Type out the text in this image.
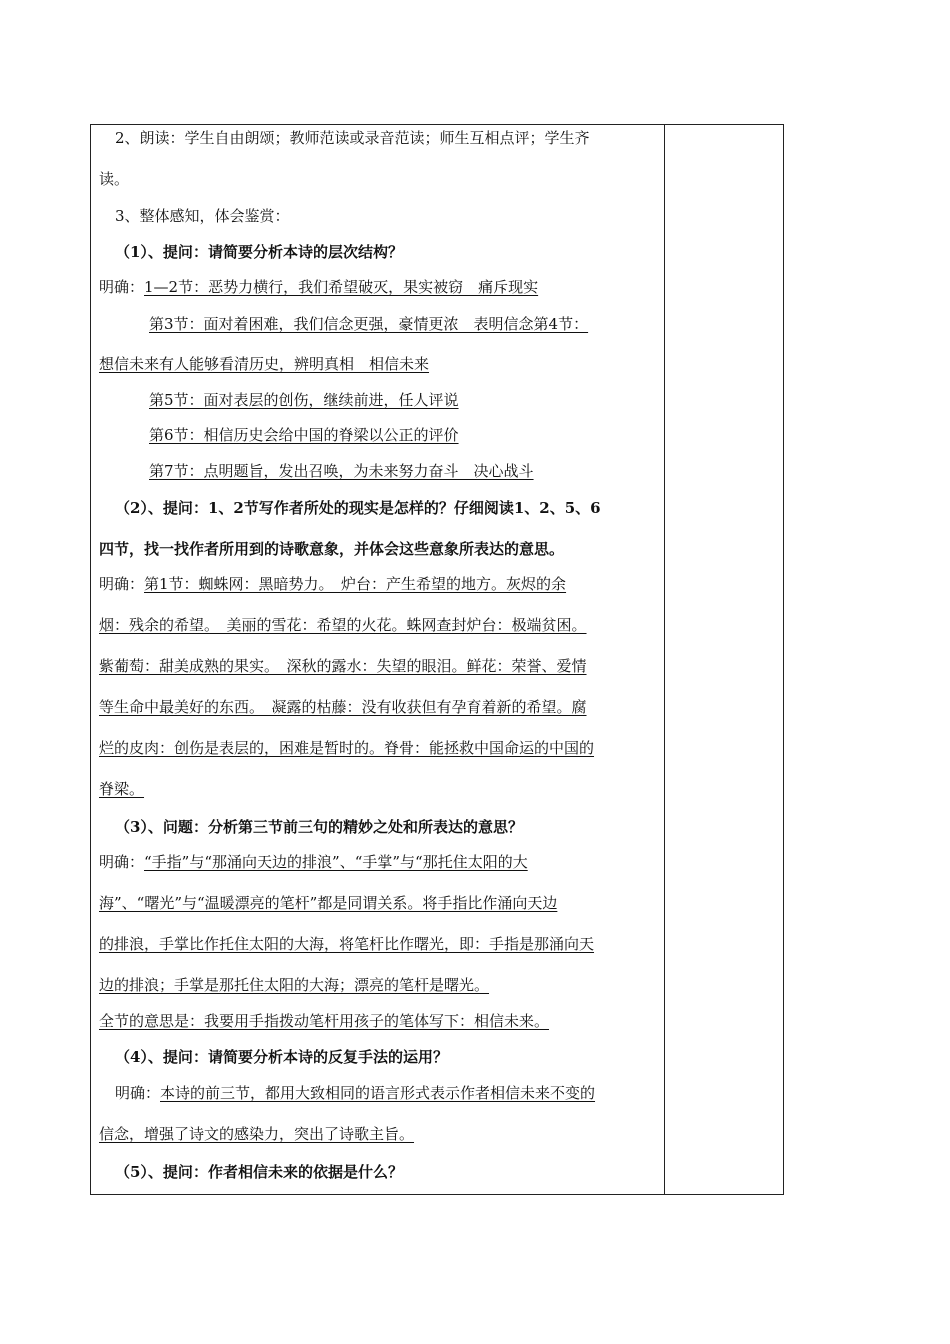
2、朗读：学生自由朗颂；教师范读或录音范读；师生互相点评；学生齐
读。
3、整体感知，体会鉴赏：
（1）、提问：请简要分析本诗的层次结构？
明确：1—2节：恶势力横行，我们希望破灭，果实被窃　痛斥现实
第3节：面对着困难，我们信念更强，豪情更浓　表明信念第4节：
想信未来有人能够看清历史，辨明真相　相信未来
第5节：面对表层的创伤，继续前进，任人评说
第6节：相信历史会给中国的脊梁以公正的评价
第7节：点明题旨，发出召唤，为未来努力奋斗　决心战斗
（2）、提问：1、2节写作者所处的现实是怎样的？仔细阅读1、2、5、6
四节，找一找作者所用到的诗歌意象，并体会这些意象所表达的意思。
明确：第1节：蜘蛛网：黑暗势力。　炉台：产生希望的地方。灰烬的余
烟：残余的希望。　美丽的雪花：希望的火花。蛛网查封炉台：极端贫困。
紫葡萄：甜美成熟的果实。　深秋的露水：失望的眼泪。鲜花：荣誉、爱情
等生命中最美好的东西。　凝露的枯藤：没有收获但有孕育着新的希望。腐
烂的皮肉：创伤是表层的，困难是暂时的。脊骨：能拯救中国命运的中国的
脊梁。
（3）、问题：分析第三节前三句的精妙之处和所表达的意思？
明确：“手指”与“那涌向天边的排浪”、“手掌”与“那托住太阳的大
海”、“曙光”与“温暖漂亮的笔杆”都是同谓关系。将手指比作涌向天边
的排浪，手掌比作托住太阳的大海，将笔杆比作曙光，即：手指是那涌向天
边的排浪；手掌是那托住太阳的大海；漂亮的笔杆是曙光。
全节的意思是：我要用手指拨动笔杆用孩子的笔体写下：相信未来。
（4）、提问：请简要分析本诗的反复手法的运用？
明确：本诗的前三节，都用大致相同的语言形式表示作者相信未来不变的
信念，增强了诗文的感染力，突出了诗歌主旨。
（5）、提问：作者相信未来的依据是什么？
